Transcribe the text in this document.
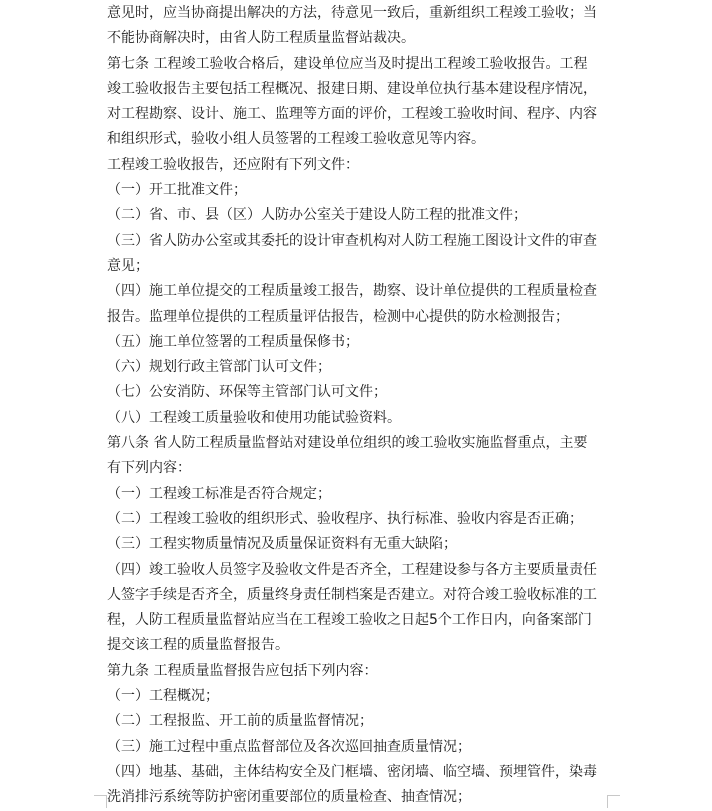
意见时，应当协商提出解决的方法，待意见一致后，重新组织工程竣工验收；当
不能协商解决时，由省人防工程质量监督站裁决。
第七条 工程竣工验收合格后，建设单位应当及时提出工程竣工验收报告。工程
竣工验收报告主要包括工程概况、报建日期、建设单位执行基本建设程序情况，
对工程勘察、设计、施工、监理等方面的评价，工程竣工验收时间、程序、内容
和组织形式，验收小组人员签署的工程竣工验收意见等内容。
工程竣工验收报告，还应附有下列文件：
（一）开工批准文件；
（二）省、市、县（区）人防办公室关于建设人防工程的批准文件；
（三）省人防办公室或其委托的设计审查机构对人防工程施工图设计文件的审查
意见；
（四）施工单位提交的工程质量竣工报告，勘察、设计单位提供的工程质量检查
报告。监理单位提供的工程质量评估报告，检测中心提供的防水检测报告；
（五）施工单位签署的工程质量保修书；
（六）规划行政主管部门认可文件；
（七）公安消防、环保等主管部门认可文件；
（八）工程竣工质量验收和使用功能试验资料。
第八条 省人防工程质量监督站对建设单位组织的竣工验收实施监督重点，主要
有下列内容：
（一）工程竣工标准是否符合规定；
（二）工程竣工验收的组织形式、验收程序、执行标准、验收内容是否正确；
（三）工程实物质量情况及质量保证资料有无重大缺陷；
（四）竣工验收人员签字及验收文件是否齐全，工程建设参与各方主要质量责任
人签字手续是否齐全，质量终身责任制档案是否建立。对符合竣工验收标准的工
程，人防工程质量监督站应当在工程竣工验收之日起5个工作日内，向备案部门
提交该工程的质量监督报告。
第九条 工程质量监督报告应包括下列内容：
（一）工程概况；
（二）工程报监、开工前的质量监督情况；
（三）施工过程中重点监督部位及各次巡回抽查质量情况；
（四）地基、基础，主体结构安全及门框墙、密闭墙、临空墙、预埋管件，染毒
洗消排污系统等防护密闭重要部位的质量检查、抽查情况；
